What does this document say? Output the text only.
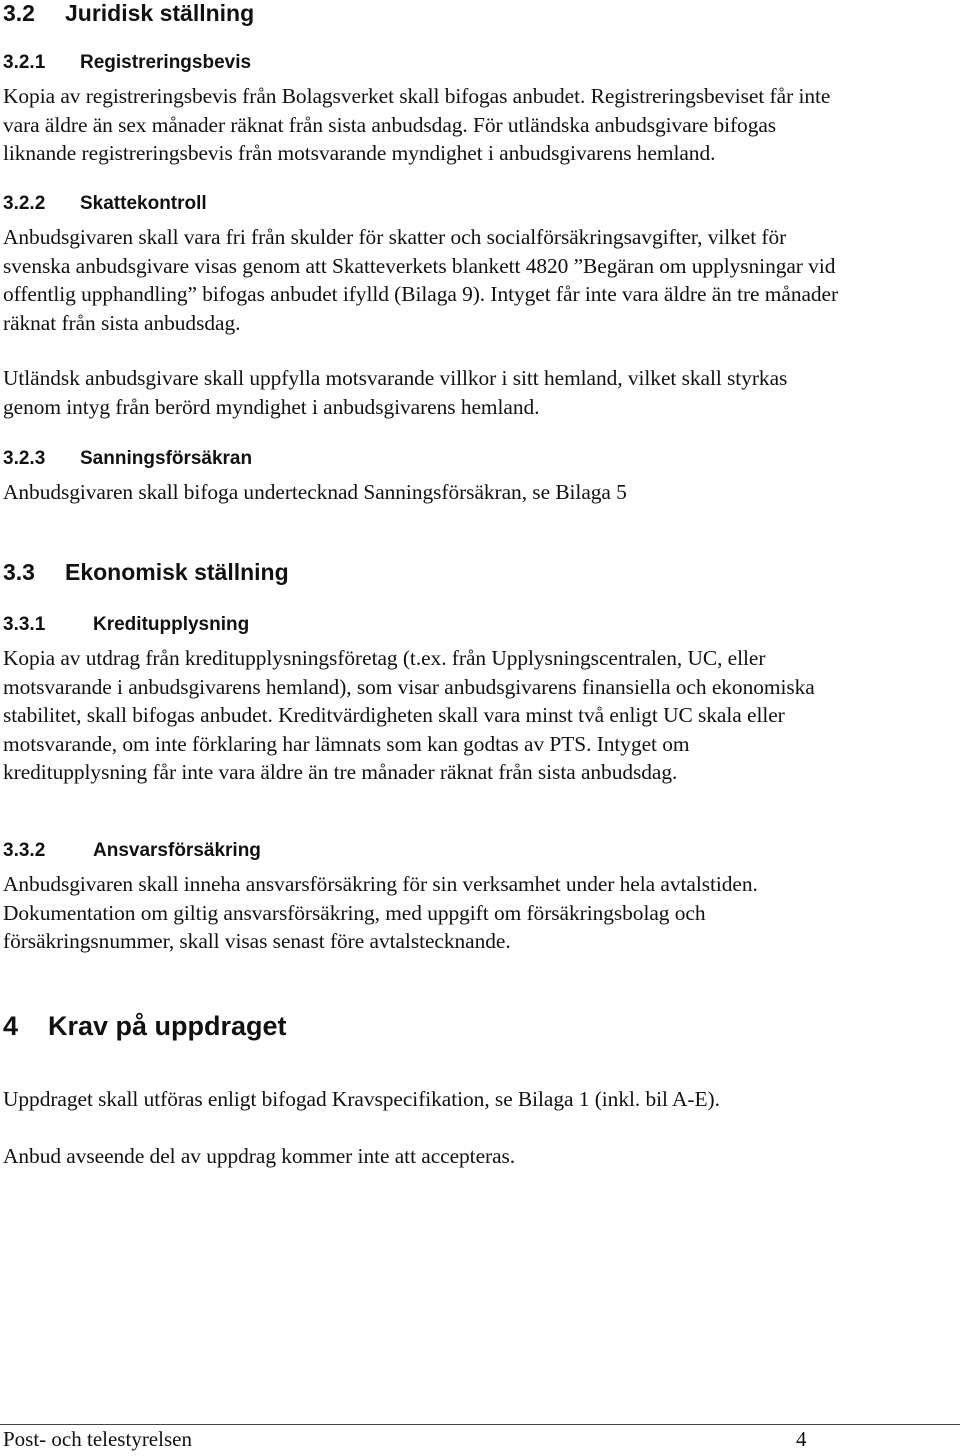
3.2 Juridisk ställning
3.2.1 Registreringsbevis

Kopia av registreringsbevis från Bolagsverket skall bifogas anbudet. Registreringsbeviset får inte
vara äldre än sex månader räknat från sista anbudsdag. För utländska anbudsgivare bifogas
liknande registreringsbevis från motsvarande myndighet i anbudsgivarens hemland.

3.2.2 Skattekontroll

Anbudsgivaren skall vara fri från skulder för skatter och socialförsäkringsavgifter, vilket för
svenska anbudsgivare visas genom att Skatteverkets blankett 4820 ”Begäran om upplysningar vid
offentlig upphandling” bifogas anbudet ifylld (Bilaga 9). Intyget får inte vara äldre än tre månader
räknat från sista anbudsdag.

Utländsk anbudsgivare skall uppfylla motsvarande villkor i sitt hemland, vilket skall styrkas
genom intyg från berörd myndighet i anbudsgivarens hemland.

3.2.3 Sanningsförsäkran

Anbudsgivaren skall bifoga undertecknad Sanningsförsäkran, se Bilaga 5

3.3 Ekonomisk ställning
3.3.1	Kreditupplysning

Kopia av utdrag från kreditupplysningsföretag (t.ex. från Upplysningscentralen, UC, eller
motsvarande i anbudsgivarens hemland), som visar anbudsgivarens finansiella och ekonomiska
stabilitet, skall bifogas anbudet. Kreditvärdigheten skall vara minst två enligt UC skala eller
motsvarande, om inte förklaring har lämnats som kan godtas av PTS. Intyget om
kreditupplysning får inte vara äldre än tre månader räknat från sista anbudsdag.

3.3.2	Ansvarsförsäkring

Anbudsgivaren skall inneha ansvarsförsäkring för sin verksamhet under hela avtalstiden.
Dokumentation om giltig ansvarsförsäkring, med uppgift om försäkringsbolag och
försäkringsnummer, skall visas senast före avtalstecknande.

4 Krav på uppdraget

Uppdraget skall utföras enligt bifogad Kravspecifikation, se Bilaga 1 (inkl. bil A-E).

Anbud avseende del av uppdrag kommer inte att accepteras.

Post- och telestyrelsen	4
